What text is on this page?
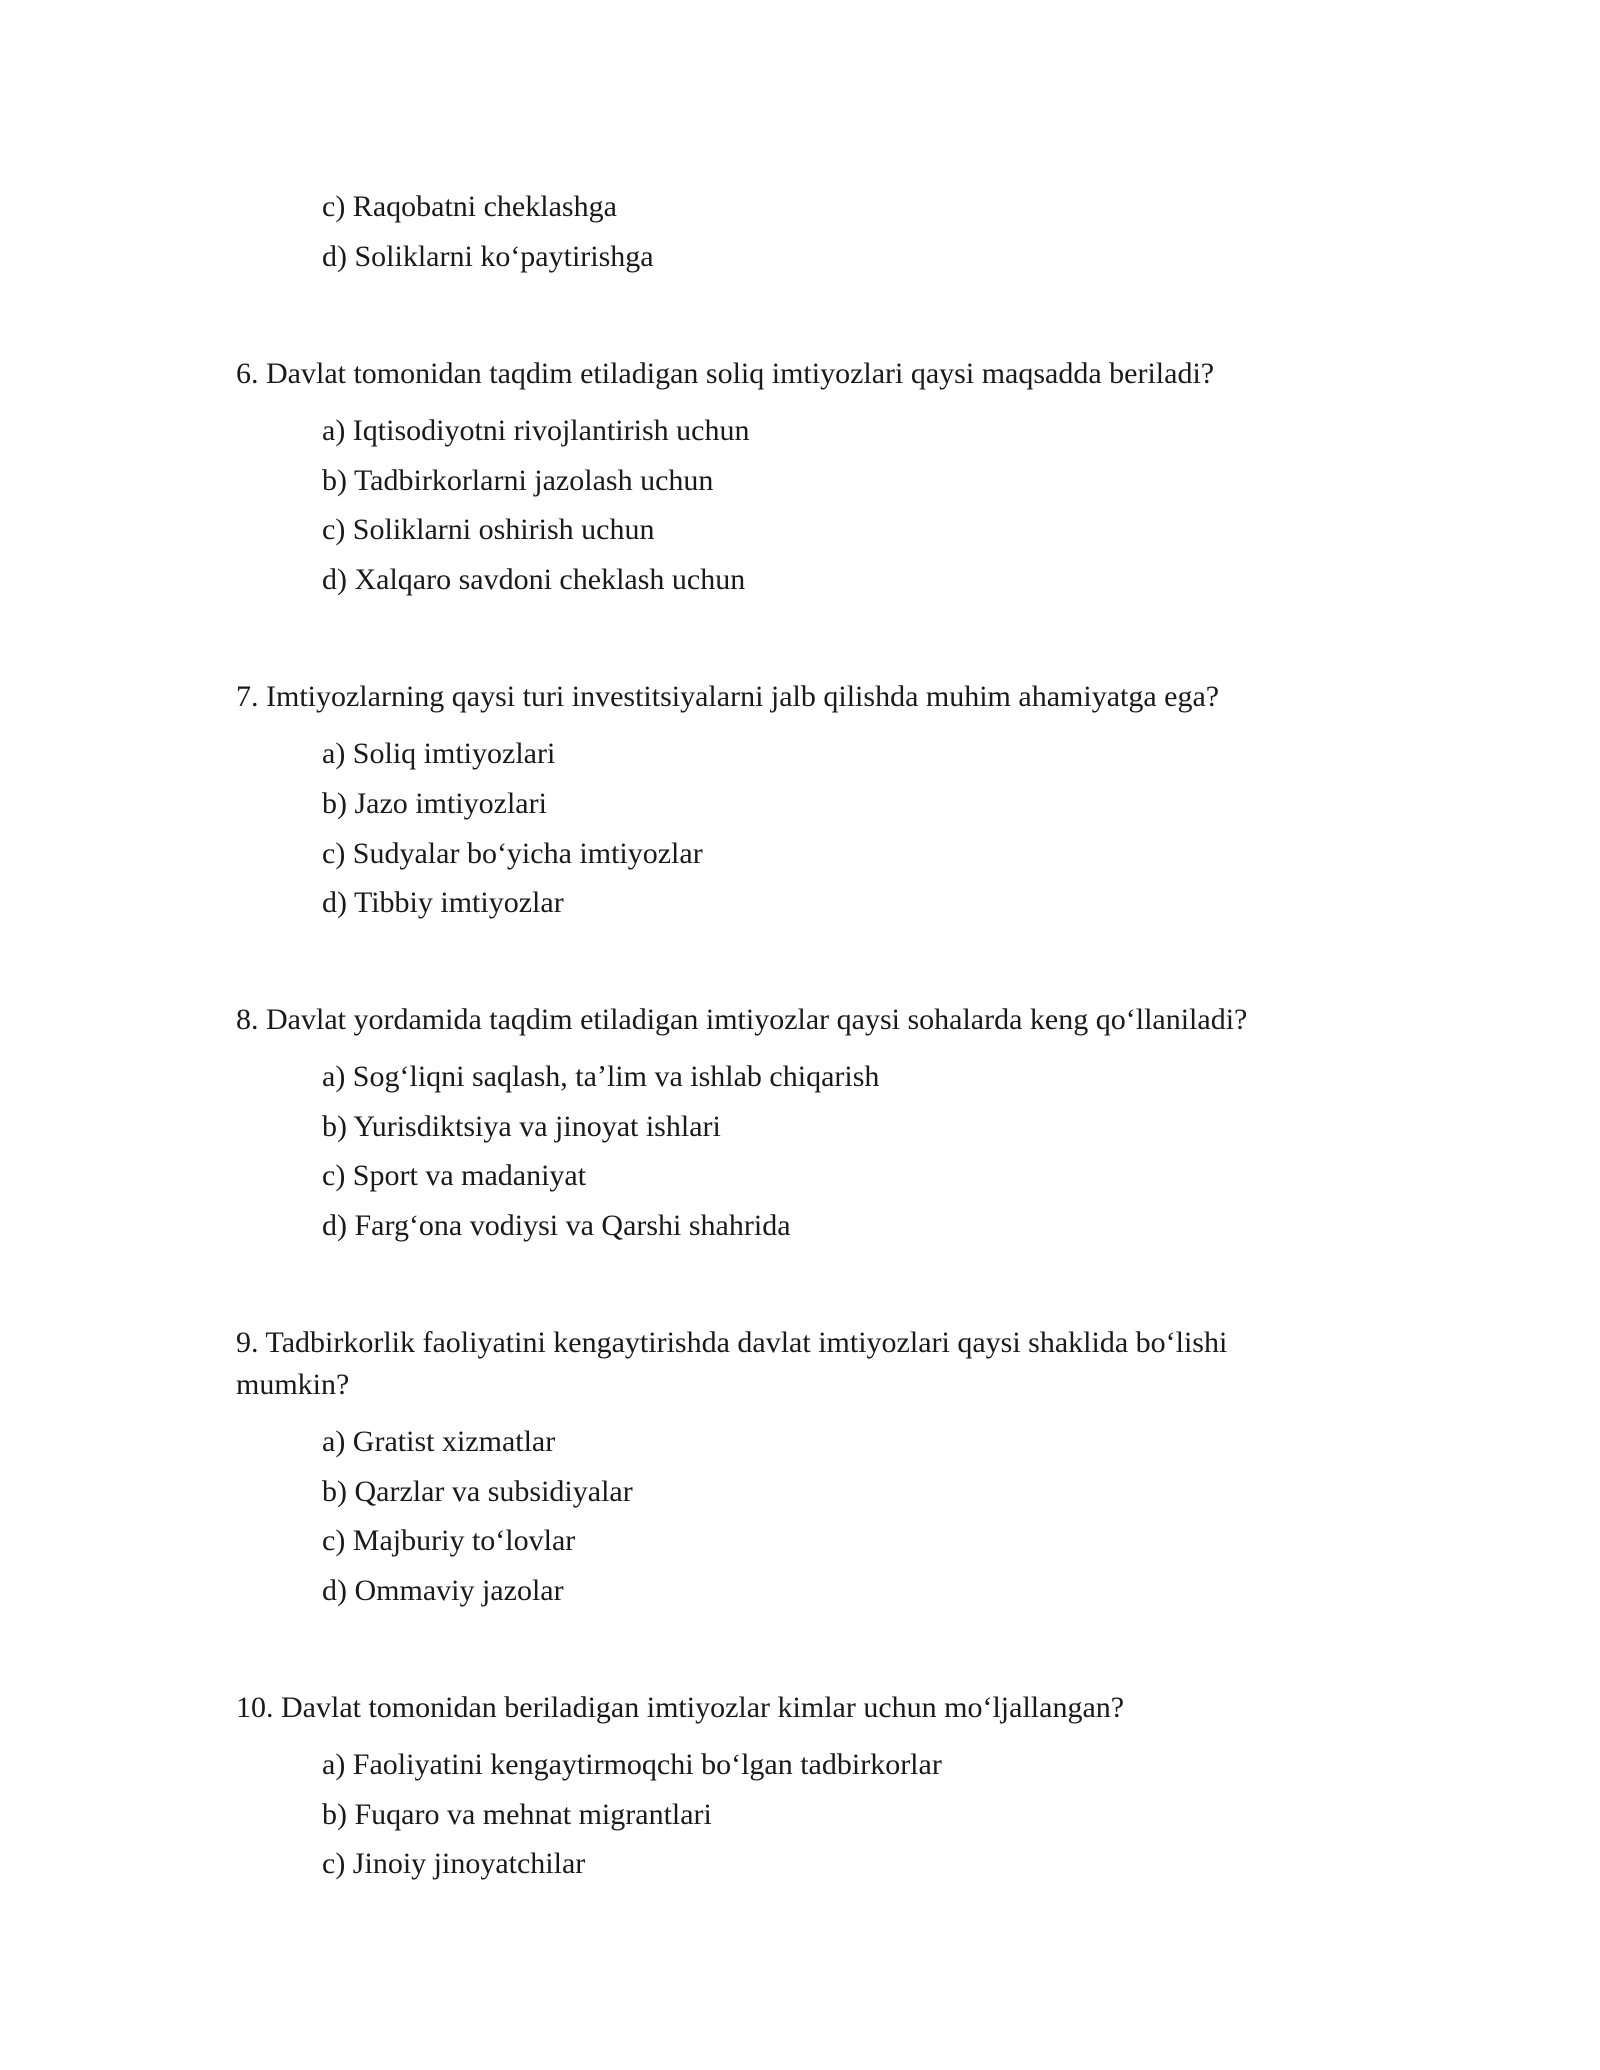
c) Raqobatni cheklashga
d) Soliklarni koʻpaytirishga
6. Davlat tomonidan taqdim etiladigan soliq imtiyozlari qaysi maqsadda beriladi?
a) Iqtisodiyotni rivojlantirish uchun
b) Tadbirkorlarni jazolash uchun
c) Soliklarni oshirish uchun
d) Xalqaro savdoni cheklash uchun
7. Imtiyozlarning qaysi turi investitsiyalarni jalb qilishda muhim ahamiyatga ega?
a) Soliq imtiyozlari
b) Jazo imtiyozlari
c) Sudyalar boʻyicha imtiyozlar
d) Tibbiy imtiyozlar
8. Davlat yordamida taqdim etiladigan imtiyozlar qaysi sohalarda keng qoʻllaniladi?
a) Sogʻliqni saqlash, taʼlim va ishlab chiqarish
b) Yurisdiktsiya va jinoyat ishlari
c) Sport va madaniyat
d) Fargʻona vodiysi va Qarshi shahrida
9. Tadbirkorlik faoliyatini kengaytirishda davlat imtiyozlari qaysi shaklida boʻlishi
mumkin?
a) Gratist xizmatlar
b) Qarzlar va subsidiyalar
c) Majburiy toʻlovlar
d) Ommaviy jazolar
10. Davlat tomonidan beriladigan imtiyozlar kimlar uchun moʻljallangan?
a) Faoliyatini kengaytirmoqchi boʻlgan tadbirkorlar
b) Fuqaro va mehnat migrantlari
c) Jinoiy jinoyatchilar
